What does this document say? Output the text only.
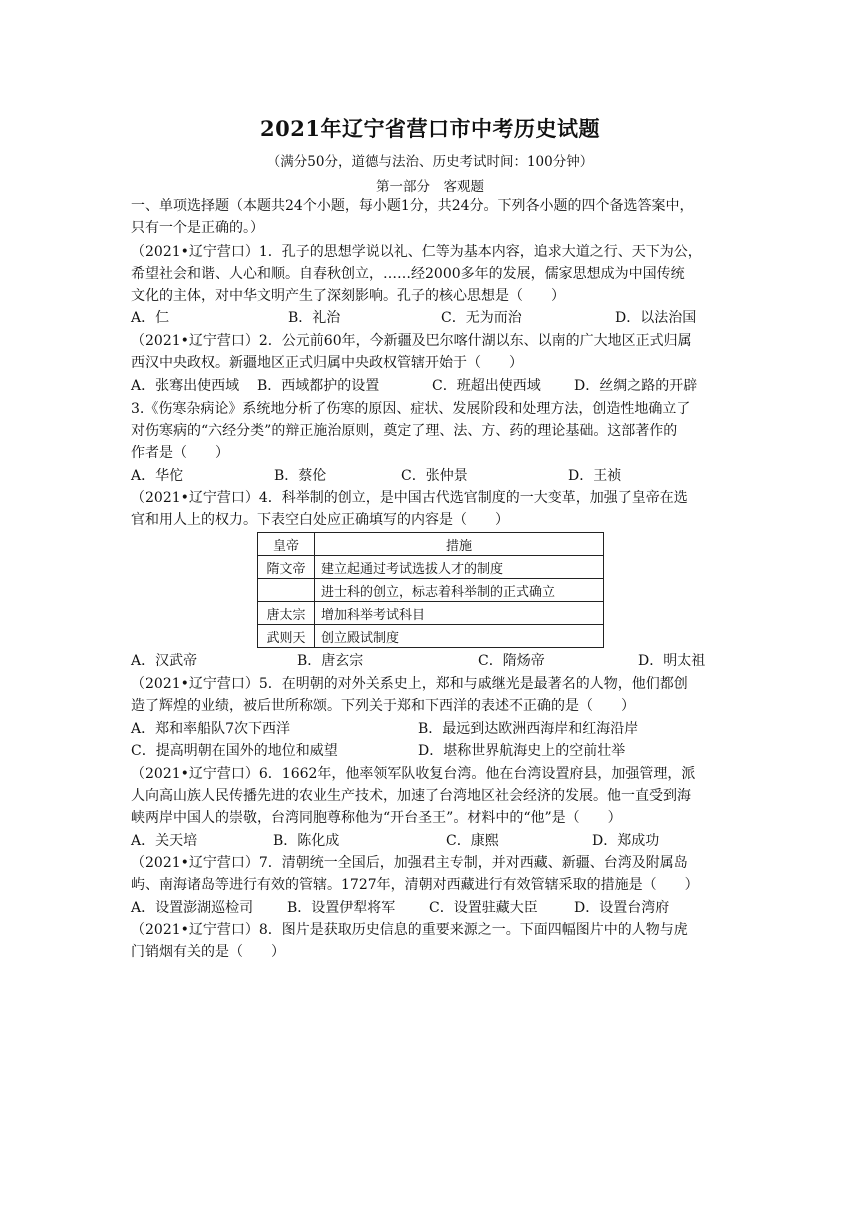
2021年辽宁省营口市中考历史试题
（满分50分，道德与法治、历史考试时间：100分钟）
第一部分　客观题
一、单项选择题（本题共24个小题，每小题1分，共24分。下列各小题的四个备选答案中，
只有一个是正确的。）
（2021•辽宁营口）1．孔子的思想学说以礼、仁等为基本内容，追求大道之行、天下为公，
希望社会和谐、人心和顺。自春秋创立，……经2000多年的发展，儒家思想成为中国传统
文化的主体，对中华文明产生了深刻影响。孔子的核心思想是（　　）
A．仁	B．礼治	C．无为而治	D．以法治国
（2021•辽宁营口）2．公元前60年，今新疆及巴尔喀什湖以东、以南的广大地区正式归属
西汉中央政权。新疆地区正式归属中央政权管辖开始于（　　）
A．张骞出使西域 B．西域都护的设置	C．班超出使西域 D．丝绸之路的开辟
3.《伤寒杂病论》系统地分析了伤寒的原因、症状、发展阶段和处理方法，创造性地确立了
对伤寒病的“六经分类”的辩正施治原则，奠定了理、法、方、药的理论基础。这部著作的
作者是（　　）
A．华佗	B．蔡伦	C．张仲景	D．王祯
（2021•辽宁营口）4．科举制的创立，是中国古代选官制度的一大变革，加强了皇帝在选
官和用人上的权力。下表空白处应正确填写的内容是（　　）
皇帝	措施
隋文帝	建立起通过考试选拔人才的制度
	进士科的创立，标志着科举制的正式确立
唐太宗	增加科举考试科目
武则天	创立殿试制度
A．汉武帝	B．唐玄宗	C．隋炀帝	D．明太祖
（2021•辽宁营口）5．在明朝的对外关系史上，郑和与戚继光是最著名的人物，他们都创
造了辉煌的业绩，被后世所称颂。下列关于郑和下西洋的表述不正确的是（　　）
A．郑和率船队7次下西洋	B．最远到达欧洲西海岸和红海沿岸
C．提高明朝在国外的地位和威望	D．堪称世界航海史上的空前壮举
（2021•辽宁营口）6．1662年，他率领军队收复台湾。他在台湾设置府县，加强管理，派
人向高山族人民传播先进的农业生产技术，加速了台湾地区社会经济的发展。他一直受到海
峡两岸中国人的崇敬，台湾同胞尊称他为“开台圣王”。材料中的“他”是（　　）
A．关天培	B．陈化成	C．康熙	D．郑成功
（2021•辽宁营口）7．清朝统一全国后，加强君主专制，并对西藏、新疆、台湾及附属岛
屿、南海诸岛等进行有效的管辖。1727年，清朝对西藏进行有效管辖采取的措施是（　　）
A．设置澎湖巡检司 B．设置伊犁将军 C．设置驻藏大臣	D．设置台湾府
（2021•辽宁营口）8．图片是获取历史信息的重要来源之一。下面四幅图片中的人物与虎
门销烟有关的是（　　）
